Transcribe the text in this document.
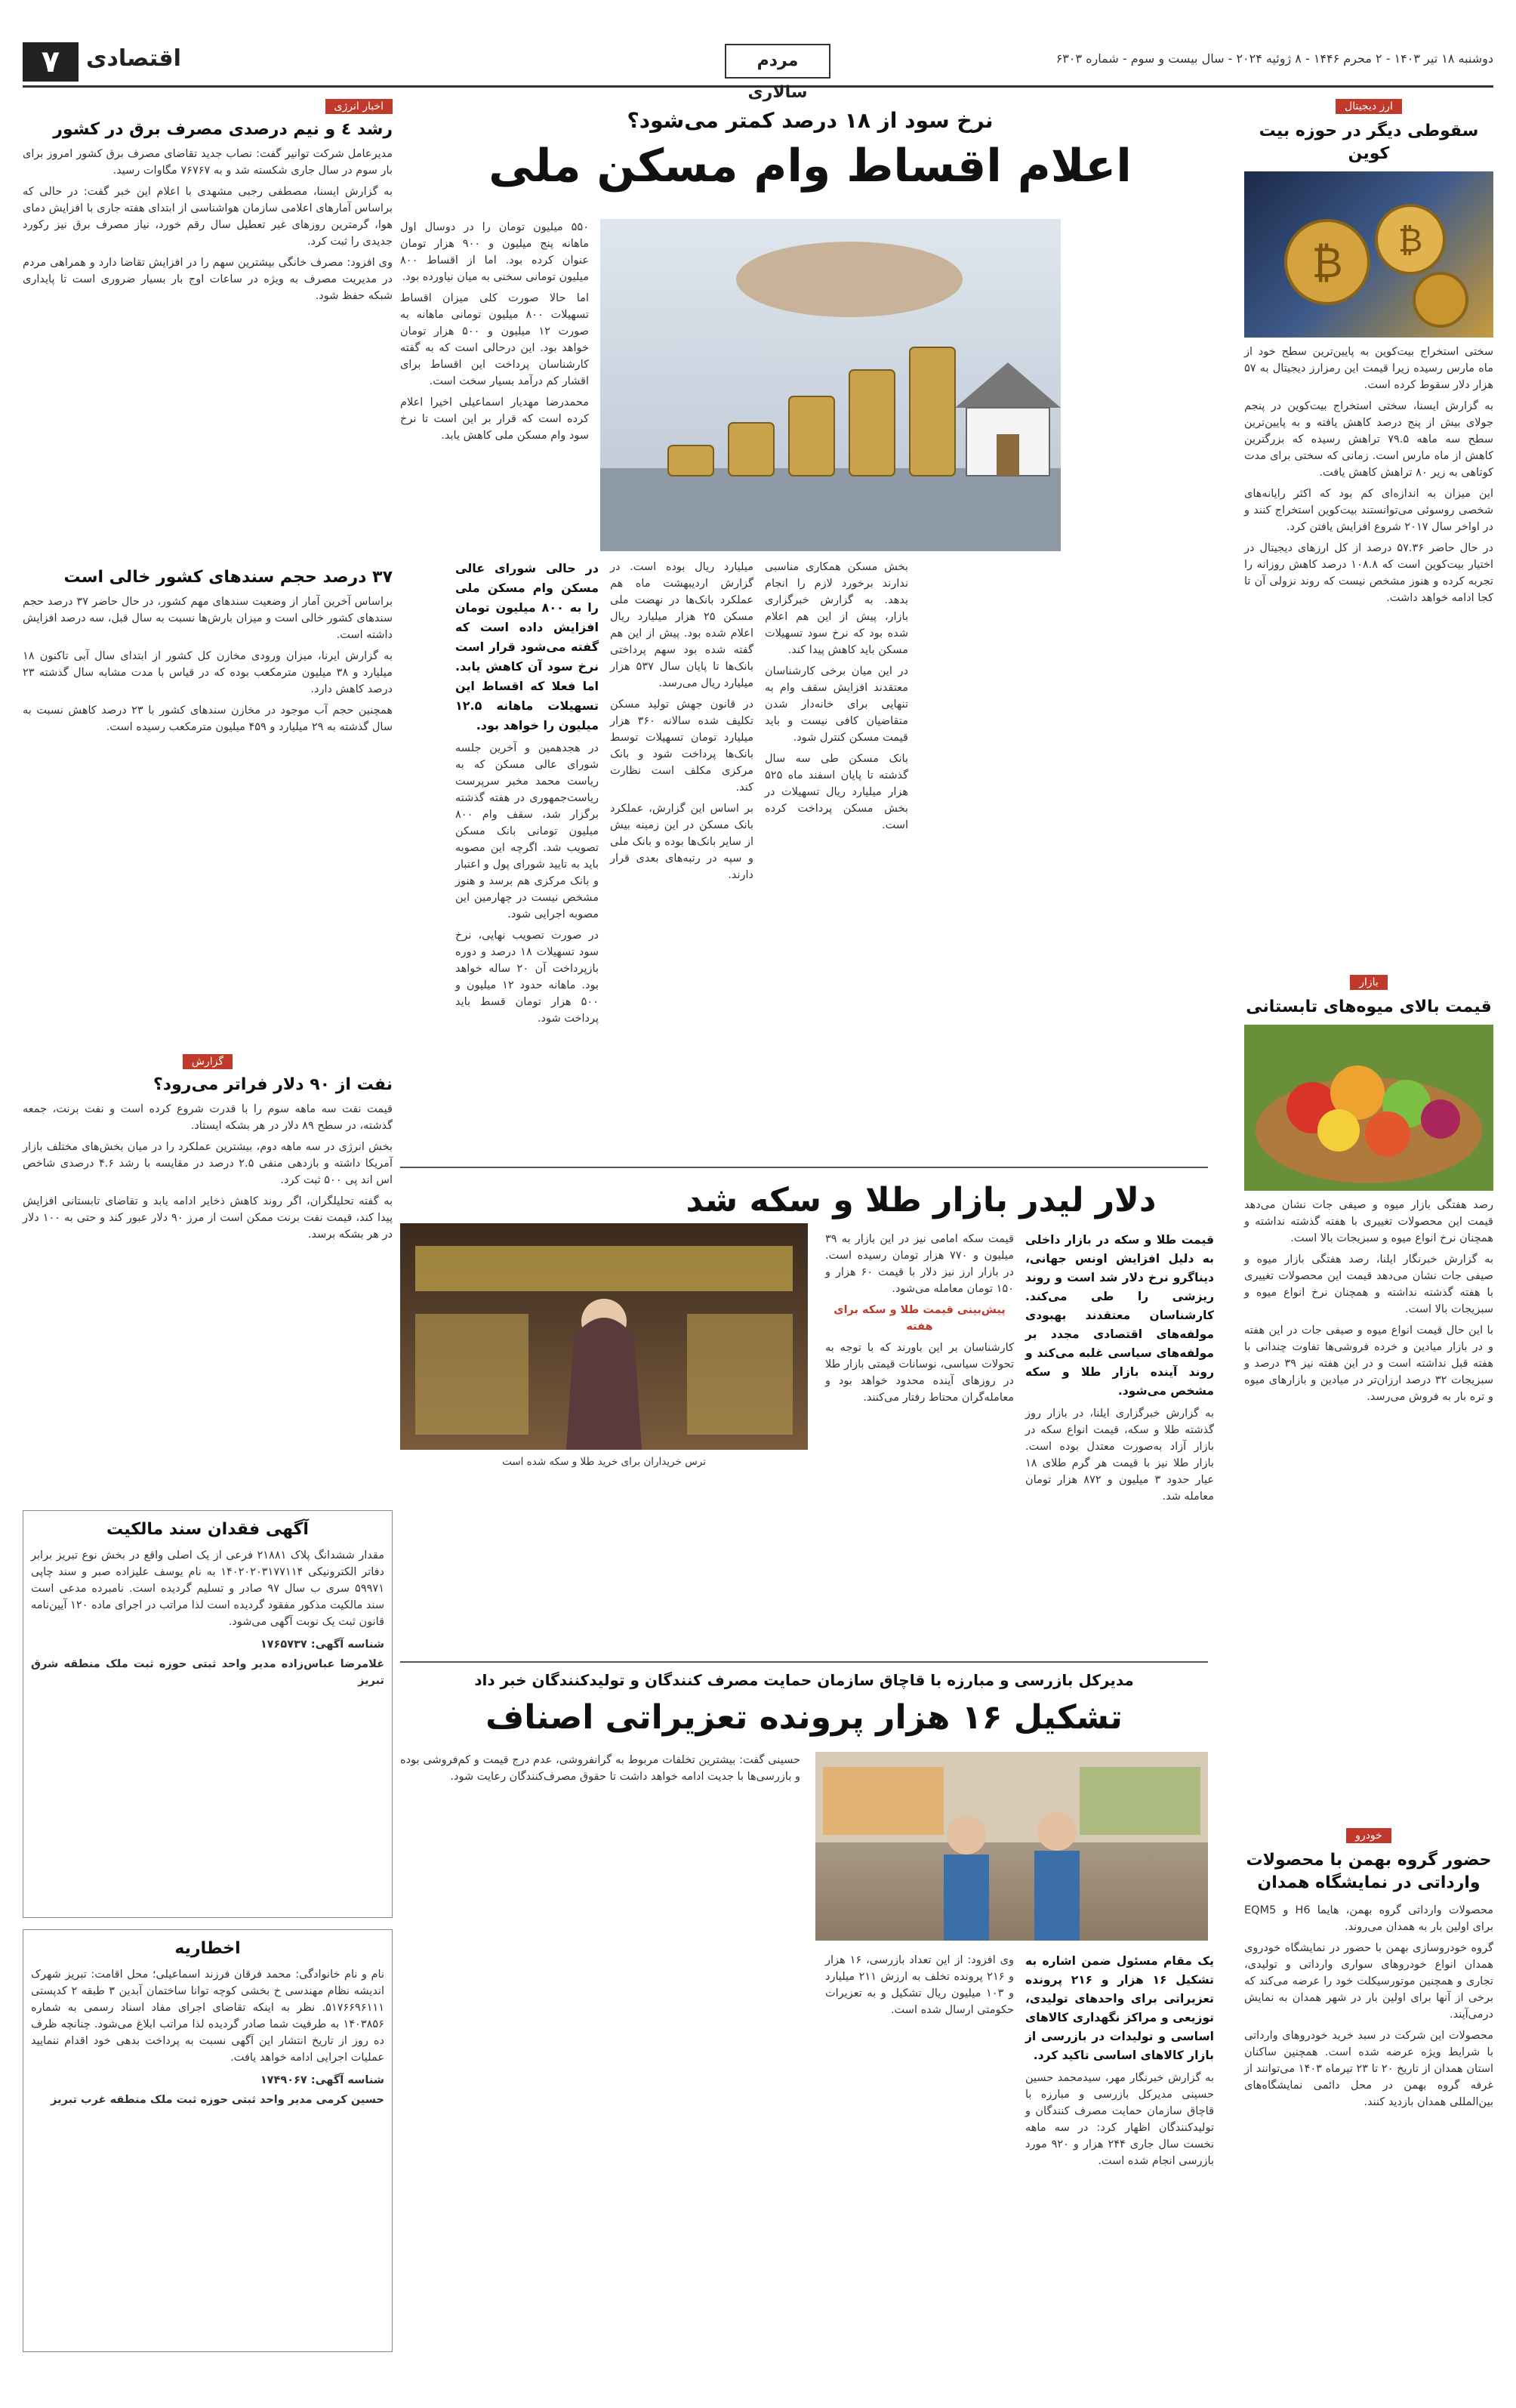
۷	اقتصادی	مردم سالاری
دوشنبه ۱۸ تیر ۱۴۰۳ - ۲ محرم ۱۴۴۶ - ۸ ژوئیه ۲۰۲۴ - سال بیست و سوم - شماره ۶۳۰۳
ارز دیجیتال
سقوطی دیگر در حوزه بیت کوین
₿ ₿

سختی استخراج بیت‌کوین به پایین‌ترین سطح خود از ماه مارس رسیده زیرا قیمت این رمزارز دیجیتال به ۵۷ هزار دلار سقوط کرده است.

به گزارش ایسنا، سختی استخراج بیت‌کوین در پنجم جولای بیش از پنج درصد کاهش یافته و به پایین‌ترین سطح سه ماهه ۷۹.۵ تراهش رسیده که بزرگترین کاهش از ماه مارس است. زمانی که سختی برای مدت کوتاهی به زیر ۸۰ تراهش کاهش یافت.

این میزان به اندازه‌ای کم بود که اکثر رایانه‌های شخصی روسوئی می‌توانستند بیت‌کوین استخراج کنند و در اواخر سال ۲۰۱۷ شروع افزایش یافتن کرد.

در حال حاضر ۵۷.۳۶ درصد از کل ارزهای دیجیتال در اختیار بیت‌کوین است که ۱۰۸.۸ درصد کاهش روزانه را تجربه کرده و هنوز مشخص نیست که روند نزولی آن تا کجا ادامه خواهد داشت.

بازار
قیمت بالای میوه‌های تابستانی

رصد هفتگی بازار میوه و صیفی جات نشان می‌دهد قیمت این محصولات تغییری با هفته گذشته نداشته و همچنان نرخ انواع میوه و سبزیجات بالا است.

به گزارش خبرنگار ایلنا، رصد هفتگی بازار میوه و صیفی جات نشان می‌دهد قیمت این محصولات تغییری با هفته گذشته نداشته و همچنان نرخ انواع میوه و سبزیجات بالا است.

با این حال قیمت انواع میوه و صیفی جات در این هفته و در بازار میادین و خرده فروشی‌ها تفاوت چندانی با هفته قبل نداشته است و در این هفته نیز ۳۹ درصد و سبزیجات ۳۲ درصد ارزان‌تر در میادین و بازارهای میوه و تره بار به فروش می‌رسد.

خودرو
حضور گروه بهمن با محصولات وارداتی در نمایشگاه همدان

محصولات وارداتی گروه بهمن، هایما H6 و EQM5 برای اولین بار به همدان می‌روند.

گروه خودروسازی بهمن با حضور در نمایشگاه خودروی همدان انواع خودروهای سواری وارداتی و تولیدی، تجاری و همچنین موتورسیکلت خود را عرضه می‌کند که برخی از آنها برای اولین بار در شهر همدان به نمایش درمی‌آیند.

محصولات این شرکت در سبد خرید خودروهای وارداتی با شرایط ویژه عرضه شده است. همچنین ساکنان استان همدان از تاریخ ۲۰ تا ۲۳ تیرماه ۱۴۰۳ می‌توانند از غرفه گروه بهمن در محل دائمی نمایشگاه‌های بین‌المللی همدان بازدید کنند.

نرخ سود از ۱۸ درصد کمتر می‌شود؟
اعلام اقساط وام مسکن ملی

در حالی شورای عالی مسکن وام مسکن ملی را به ۸۰۰ میلیون تومان افزایش داده است که گفته می‌شود قرار است نرخ سود آن کاهش یابد. اما فعلا که اقساط این تسهیلات ماهانه ۱۲.۵ میلیون را خواهد بود.

در هجدهمین و آخرین جلسه شورای عالی مسکن که به ریاست محمد مخبر سرپرست ریاست‌جمهوری در هفته گذشته برگزار شد، سقف وام ۸۰۰ میلیون تومانی بانک مسکن تصویب شد. اگرچه این مصوبه باید به تایید شورای پول و اعتبار و بانک مرکزی هم برسد و هنوز مشخص نیست در چهارمین این مصوبه اجرایی شود.

در صورت تصویب نهایی، نرخ سود تسهیلات ۱۸ درصد و دوره بازپرداخت آن ۲۰ ساله خواهد بود. ماهانه حدود ۱۲ میلیون و ۵۰۰ هزار تومان قسط باید پرداخت شود.

میلیارد ریال بوده است. در گزارش اردیبهشت ماه هم عملکرد بانک‌ها در نهضت ملی مسکن ۲۵ هزار میلیارد ریال اعلام شده بود. پیش از این هم گفته شده بود سهم پرداختی بانک‌ها تا پایان سال ۵۳۷ هزار میلیارد ریال می‌رسد.

در قانون جهش تولید مسکن تکلیف شده سالانه ۳۶۰ هزار میلیارد تومان تسهیلات توسط بانک‌ها پرداخت شود و بانک مرکزی مکلف است نظارت کند.

بر اساس این گزارش، عملکرد بانک مسکن در این زمینه بیش از سایر بانک‌ها بوده و بانک ملی و سپه در رتبه‌های بعدی قرار دارند.

بخش مسکن همکاری مناسبی ندارند برخورد لازم را انجام بدهد. به گزارش خبرگزاری بازار، پیش از این هم اعلام شده بود که نرخ سود تسهیلات مسکن باید کاهش پیدا کند.

در این میان برخی کارشناسان معتقدند افزایش سقف وام به تنهایی برای خانه‌دار شدن متقاضیان کافی نیست و باید قیمت مسکن کنترل شود.

بانک مسکن طی سه سال گذشته تا پایان اسفند ماه ۵۲۵ هزار میلیارد ریال تسهیلات در بخش مسکن پرداخت کرده است.

۵۵۰ میلیون تومان را در دوسال اول ماهانه پنج میلیون و ۹۰۰ هزار تومان عنوان کرده بود. اما از اقساط ۸۰۰ میلیون تومانی سخنی به میان نیاورده بود.

اما حالا صورت کلی میزان اقساط تسهیلات ۸۰۰ میلیون تومانی ماهانه به صورت ۱۲ میلیون و ۵۰۰ هزار تومان خواهد بود. این درحالی است که به گفته کارشناسان پرداخت این اقساط برای اقشار کم درآمد بسیار سخت است.

محمدرضا مهدیار اسماعیلی اخیرا اعلام کرده است که قرار بر این است تا نرخ سود وام مسکن ملی کاهش یابد.

اخبار انرژی
رشد ٤ و نیم درصدی مصرف برق در کشور

مدیرعامل شرکت توانیر گفت: نصاب جدید تقاضای مصرف برق کشور امروز برای بار سوم در سال جاری شکسته شد و به ۷۶۷۶۷ مگاوات رسید.

به گزارش ایسنا، مصطفی رجبی مشهدی با اعلام این خبر گفت: در حالی که براساس آمارهای اعلامی سازمان هواشناسی از ابتدای هفته جاری با افزایش دمای هوا، گرمترین روزهای غیر تعطیل سال رقم خورد، نیاز مصرف برق نیز رکورد جدیدی را ثبت کرد.

وی افزود: مصرف خانگی بیشترین سهم را در افزایش تقاضا دارد و همراهی مردم در مدیریت مصرف به ویژه در ساعات اوج بار بسیار ضروری است تا پایداری شبکه حفظ شود.

۳۷ درصد حجم سندهای کشور خالی است

براساس آخرین آمار از وضعیت سندهای مهم کشور، در حال حاضر ۳۷ درصد حجم سندهای کشور خالی است و میزان بارش‌ها نسبت به سال قبل، سه درصد افزایش داشته است.

به گزارش ایرنا، میزان ورودی مخازن کل کشور از ابتدای سال آبی تاکنون ۱۸ میلیارد و ۳۸ میلیون مترمکعب بوده که در قیاس با مدت مشابه سال گذشته ۲۳ درصد کاهش دارد.

همچنین حجم آب موجود در مخازن سندهای کشور با ۲۳ درصد کاهش نسبت به سال گذشته به ۲۹ میلیارد و ۴۵۹ میلیون مترمکعب رسیده است.

گزارش
نفت از ۹۰ دلار فراتر می‌رود؟

قیمت نفت سه ماهه سوم را با قدرت شروع کرده است و نفت برنت، جمعه گذشته، در سطح ۸۹ دلار در هر بشکه ایستاد.

بخش انرژی در سه ماهه دوم، بیشترین عملکرد را در میان بخش‌های مختلف بازار آمریکا داشته و بازدهی منفی ۲.۵ درصد در مقایسه با رشد ۴.۶ درصدی شاخص اس اند پی ۵۰۰ ثبت کرد.

به گفته تحلیلگران، اگر روند کاهش ذخایر ادامه یابد و تقاضای تابستانی افزایش پیدا کند، قیمت نفت برنت ممکن است از مرز ۹۰ دلار عبور کند و حتی به ۱۰۰ دلار در هر بشکه برسد.

آگهی فقدان سند مالکیت
مقدار ششدانگ پلاک ۲۱۸۸۱ فرعی از یک اصلی واقع در بخش نوع تبریز برابر دفاتر الکترونیکی ۱۴۰۲۰۲۰۳۱۷۷۱۱۴ به نام یوسف علیزاده صبر و سند چاپی ۵۹۹۷۱ سری ب سال ۹۷ صادر و تسلیم گردیده است. نامبرده مدعی است سند مالکیت مذکور مفقود گردیده است لذا مراتب در اجرای ماده ۱۲۰ آیین‌نامه قانون ثبت یک نوبت آگهی می‌شود.
شناسه آگهی: ۱۷۶۵۷۳۷
غلامرضا عباس‌زاده مدیر واحد ثبتی حوزه ثبت ملک منطقه شرق تبریز
اخطاریه
نام و نام خانوادگی: محمد فرقان فرزند اسماعیلی؛ محل اقامت: تبریز شهرک اندیشه نظام مهندسی خ بخشی کوچه توانا ساختمان آبدین ۳ طبقه ۲ کدپستی ۵۱۷۶۶۹۶۱۱۱. نظر به اینکه تقاضای اجرای مفاد اسناد رسمی به شماره ۱۴۰۳۸۵۶ به طرفیت شما صادر گردیده لذا مراتب ابلاغ می‌شود. چنانچه ظرف ده روز از تاریخ انتشار این آگهی نسبت به پرداخت بدهی خود اقدام ننمایید عملیات اجرایی ادامه خواهد یافت.
شناسه آگهی: ۱۷۴۹۰۶۷
حسین کرمی مدیر واحد ثبتی حوزه ثبت ملک منطقه غرب تبریز
دلار لیدر بازار طلا و سکه شد

قیمت طلا و سکه در بازار داخلی به دلیل افزایش اونس جهانی، دیناگرو نرخ دلار شد است و روند ریزشی را طی می‌کند. کارشناسان معتقدند بهبودی مولفه‌های اقتصادی مجدد بر مولفه‌های سیاسی غلبه می‌کند و روند آینده بازار طلا و سکه مشخص می‌شود.

به گزارش خبرگزاری ایلنا، در بازار روز گذشته طلا و سکه، قیمت انواع سکه در بازار آزاد به‌صورت معتدل بوده است. بازار طلا نیز با قیمت هر گرم طلای ۱۸ عیار حدود ۳ میلیون و ۸۷۲ هزار تومان معامله شد.

قیمت سکه امامی نیز در این بازار به ۳۹ میلیون و ۷۷۰ هزار تومان رسیده است. در بازار ارز نیز دلار با قیمت ۶۰ هزار و ۱۵۰ تومان معامله می‌شود.

پیش‌بینی قیمت طلا و سکه برای هفته

کارشناسان بر این باورند که با توجه به تحولات سیاسی، نوسانات قیمتی بازار طلا در روزهای آینده محدود خواهد بود و معامله‌گران محتاط رفتار می‌کنند.

ترس خریداران برای خرید طلا و سکه شده است
مدیرکل بازرسی و مبارزه با قاچاق سازمان حمایت مصرف کنندگان و تولیدکنندگان خبر داد
تشکیل ۱۶ هزار پرونده تعزیراتی اصناف

یک مقام مسئول ضمن اشاره به تشکیل ۱۶ هزار و ۲۱۶ پرونده تعزیراتی برای واحدهای تولیدی، توزیعی و مراکز نگهداری کالاهای اساسی و تولیدات در بازرسی از بازار کالاهای اساسی تاکید کرد.

به گزارش خبرنگار مهر، سیدمحمد حسین حسینی مدیرکل بازرسی و مبارزه با قاچاق سازمان حمایت مصرف کنندگان و تولیدکنندگان اظهار کرد: در سه ماهه نخست سال جاری ۲۴۴ هزار و ۹۲۰ مورد بازرسی انجام شده است.

وی افزود: از این تعداد بازرسی، ۱۶ هزار و ۲۱۶ پرونده تخلف به ارزش ۲۱۱ میلیارد و ۱۰۳ میلیون ریال تشکیل و به تعزیرات حکومتی ارسال شده است.

حسینی گفت: بیشترین تخلفات مربوط به گرانفروشی، عدم درج قیمت و کم‌فروشی بوده و بازرسی‌ها با جدیت ادامه خواهد داشت تا حقوق مصرف‌کنندگان رعایت شود.
